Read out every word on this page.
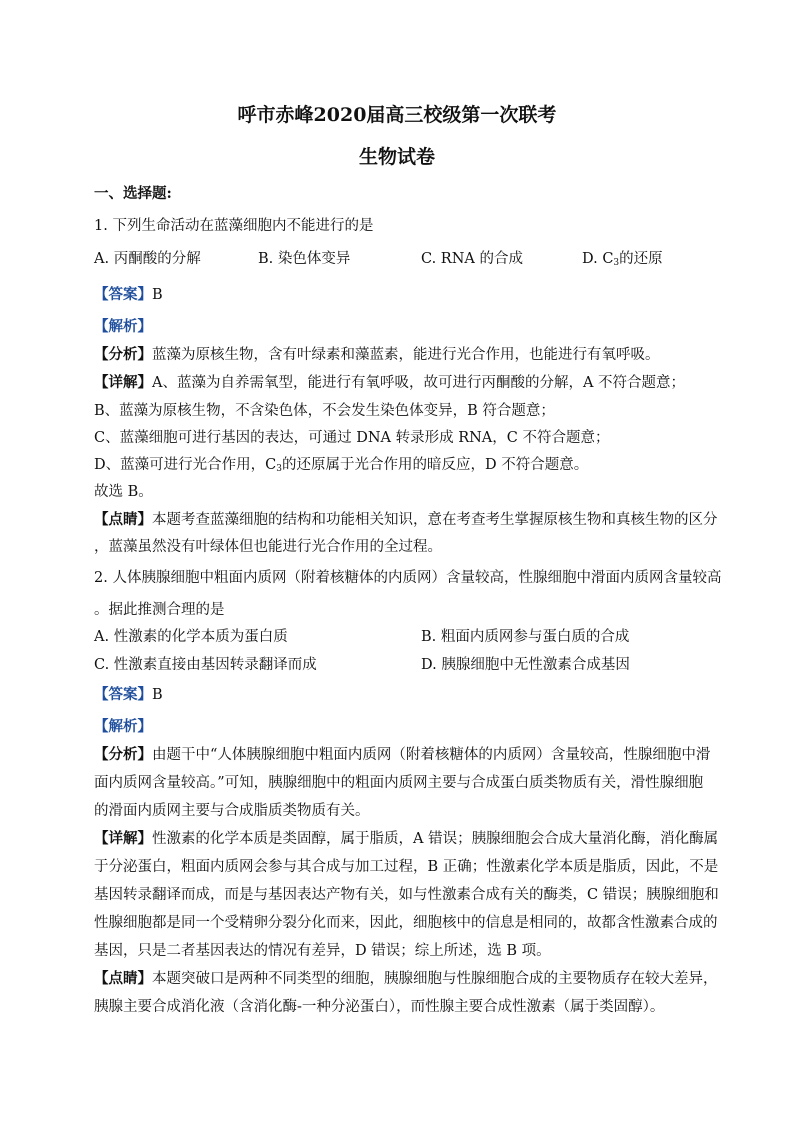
呼市赤峰2020届高三校级第一次联考
生物试卷
一、选择题:
1. 下列生命活动在蓝藻细胞内不能进行的是
A. 丙酮酸的分解	B. 染色体变异	C. RNA 的合成	D. $C_3$的还原
【答案】B
【解析】
【分析】蓝藻为原核生物，含有叶绿素和藻蓝素，能进行光合作用，也能进行有氧呼吸。
【详解】A、蓝藻为自养需氧型，能进行有氧呼吸，故可进行丙酮酸的分解，A 不符合题意；
B、蓝藻为原核生物，不含染色体，不会发生染色体变异，B 符合题意；
C、蓝藻细胞可进行基因的表达，可通过 DNA 转录形成 RNA，C 不符合题意；
D、蓝藻可进行光合作用，$C_3$的还原属于光合作用的暗反应，D 不符合题意。
故选 B。
【点睛】本题考查蓝藻细胞的结构和功能相关知识，意在考查考生掌握原核生物和真核生物的区分
，蓝藻虽然没有叶绿体但也能进行光合作用的全过程。
2. 人体胰腺细胞中粗面内质网（附着核糖体的内质网）含量较高，性腺细胞中滑面内质网含量较高
。据此推测合理的是
A. 性激素的化学本质为蛋白质	B. 粗面内质网参与蛋白质的合成
C. 性激素直接由基因转录翻译而成	D. 胰腺细胞中无性激素合成基因
【答案】B
【解析】
【分析】由题干中“人体胰腺细胞中粗面内质网（附着核糖体的内质网）含量较高，性腺细胞中滑
面内质网含量较高。”可知，胰腺细胞中的粗面内质网主要与合成蛋白质类物质有关，滑性腺细胞
的滑面内质网主要与合成脂质类物质有关。
【详解】性激素的化学本质是类固醇，属于脂质，A 错误；胰腺细胞会合成大量消化酶，消化酶属
于分泌蛋白，粗面内质网会参与其合成与加工过程，B 正确；性激素化学本质是脂质，因此，不是
基因转录翻译而成，而是与基因表达产物有关，如与性激素合成有关的酶类，C 错误；胰腺细胞和
性腺细胞都是同一个受精卵分裂分化而来，因此，细胞核中的信息是相同的，故都含性激素合成的
基因，只是二者基因表达的情况有差异，D 错误；综上所述，选 B 项。
【点睛】本题突破口是两种不同类型的细胞，胰腺细胞与性腺细胞合成的主要物质存在较大差异，
胰腺主要合成消化液（含消化酶-一种分泌蛋白），而性腺主要合成性激素（属于类固醇）。
